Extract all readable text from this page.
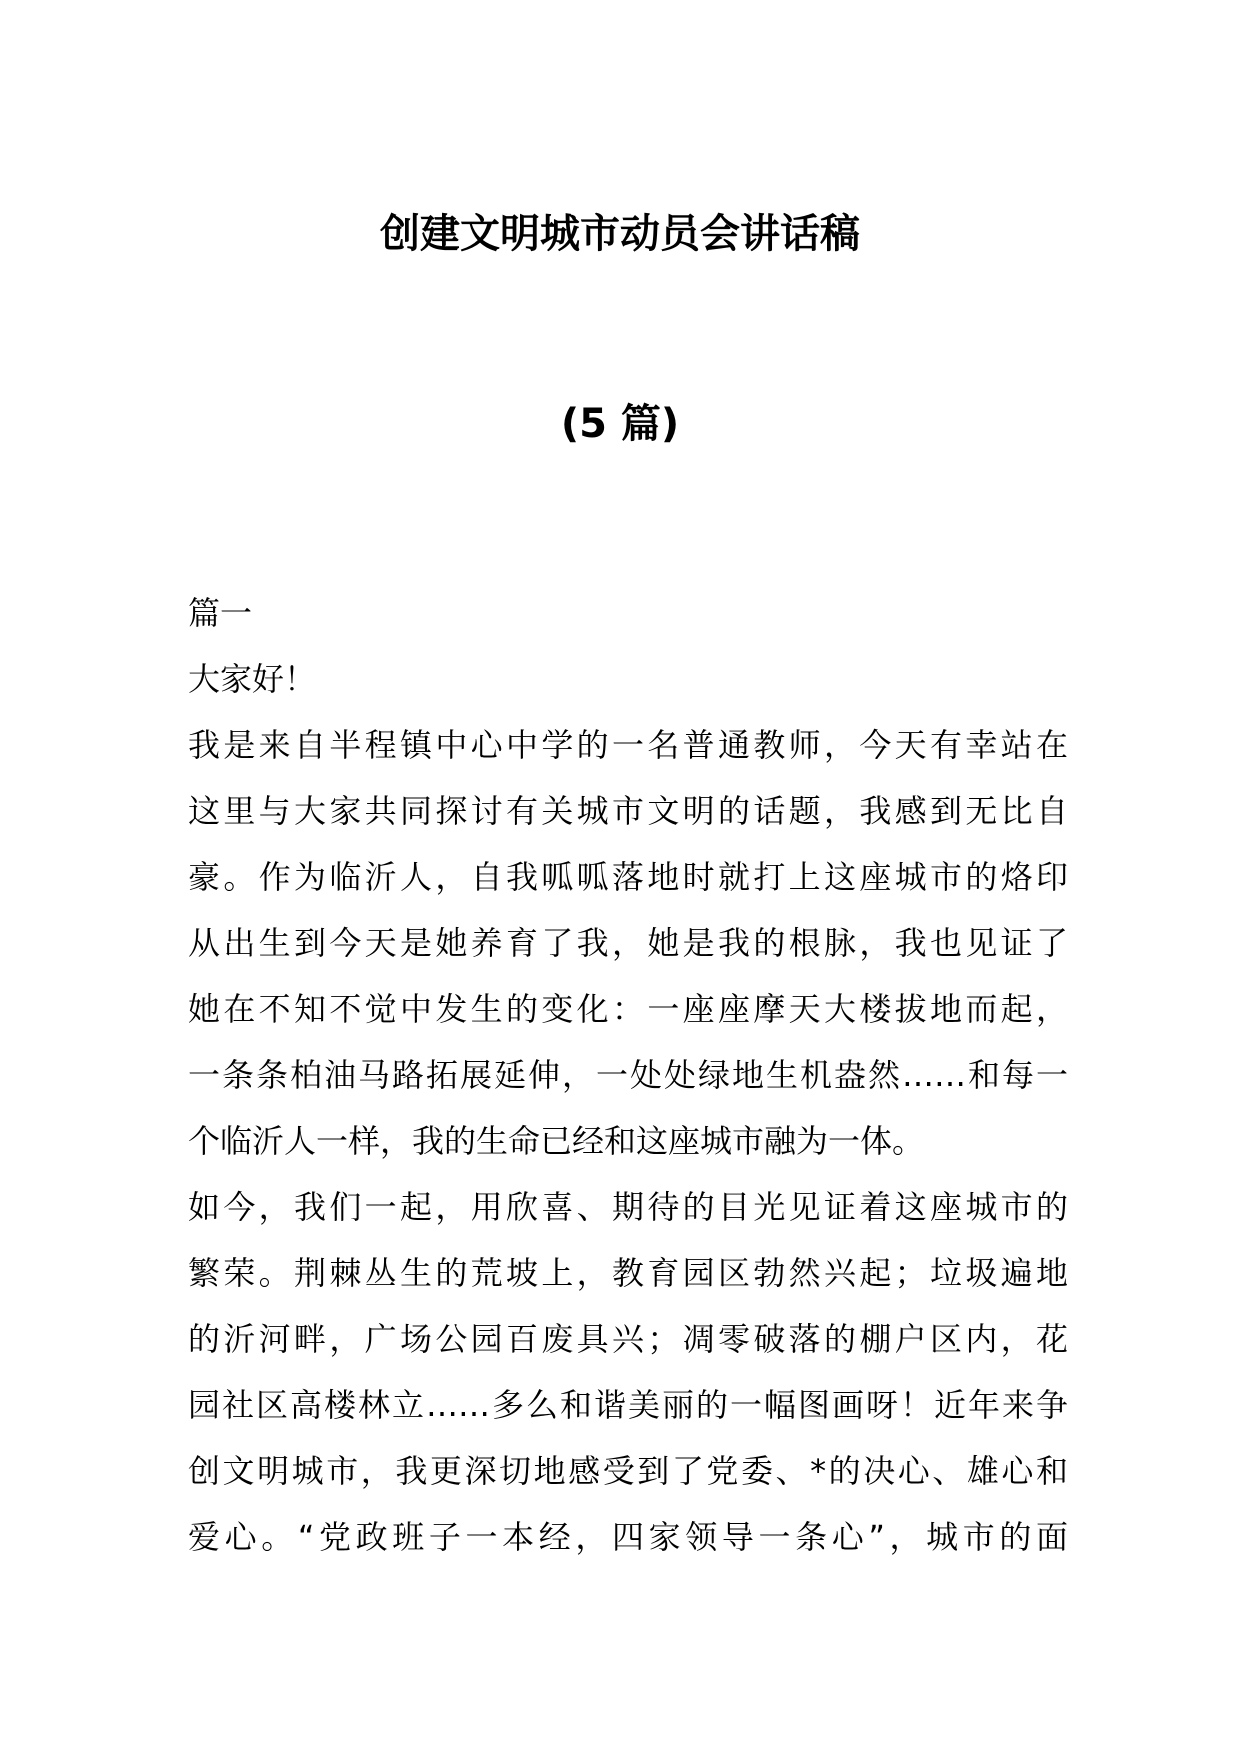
创建文明城市动员会讲话稿
(5 篇)
篇一
大家好！
我是来自半程镇中心中学的一名普通教师，今天有幸站在
这里与大家共同探讨有关城市文明的话题，我感到无比自
豪。作为临沂人，自我呱呱落地时就打上这座城市的烙印
从出生到今天是她养育了我，她是我的根脉，我也见证了
她在不知不觉中发生的变化：一座座摩天大楼拔地而起，
一条条柏油马路拓展延伸，一处处绿地生机盎然……和每一
个临沂人一样，我的生命已经和这座城市融为一体。
如今，我们一起，用欣喜、期待的目光见证着这座城市的
繁荣。荆棘丛生的荒坡上，教育园区勃然兴起；垃圾遍地
的沂河畔，广场公园百废具兴；凋零破落的棚户区内，花
园社区高楼林立……多么和谐美丽的一幅图画呀！近年来争
创文明城市，我更深切地感受到了党委、*的决心、雄心和
爱心。“党政班子一本经，四家领导一条心”，城市的面
